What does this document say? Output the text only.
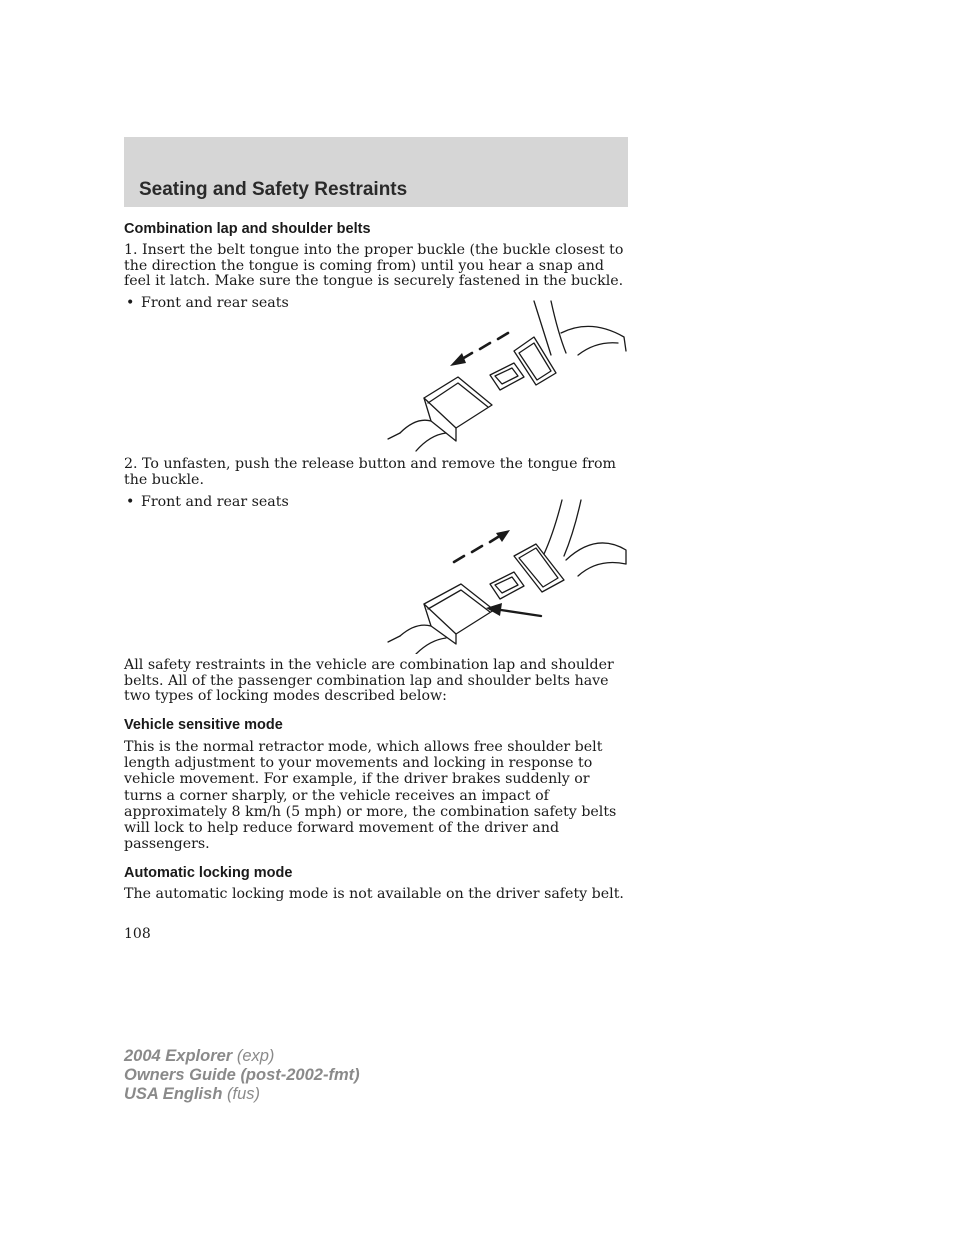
Seating and Safety Restraints
Combination lap and shoulder belts

1. Insert the belt tongue into the proper buckle (the buckle closest to the direction the tongue is coming from) until you hear a snap and feel it latch. Make sure the tongue is securely fastened in the buckle.

• Front and rear seats

2. To unfasten, push the release button and remove the tongue from the buckle.

• Front and rear seats

All safety restraints in the vehicle are combination lap and shoulder belts. All of the passenger combination lap and shoulder belts have two types of locking modes described below:

Vehicle sensitive mode

This is the normal retractor mode, which allows free shoulder belt length adjustment to your movements and locking in response to vehicle movement. For example, if the driver brakes suddenly or turns a corner sharply, or the vehicle receives an impact of approximately 8 km/h (5 mph) or more, the combination safety belts will lock to help reduce forward movement of the driver and passengers.

Automatic locking mode

The automatic locking mode is not available on the driver safety belt.

108
2004 Explorer (exp)
Owners Guide (post-2002-fmt)
USA English (fus)
